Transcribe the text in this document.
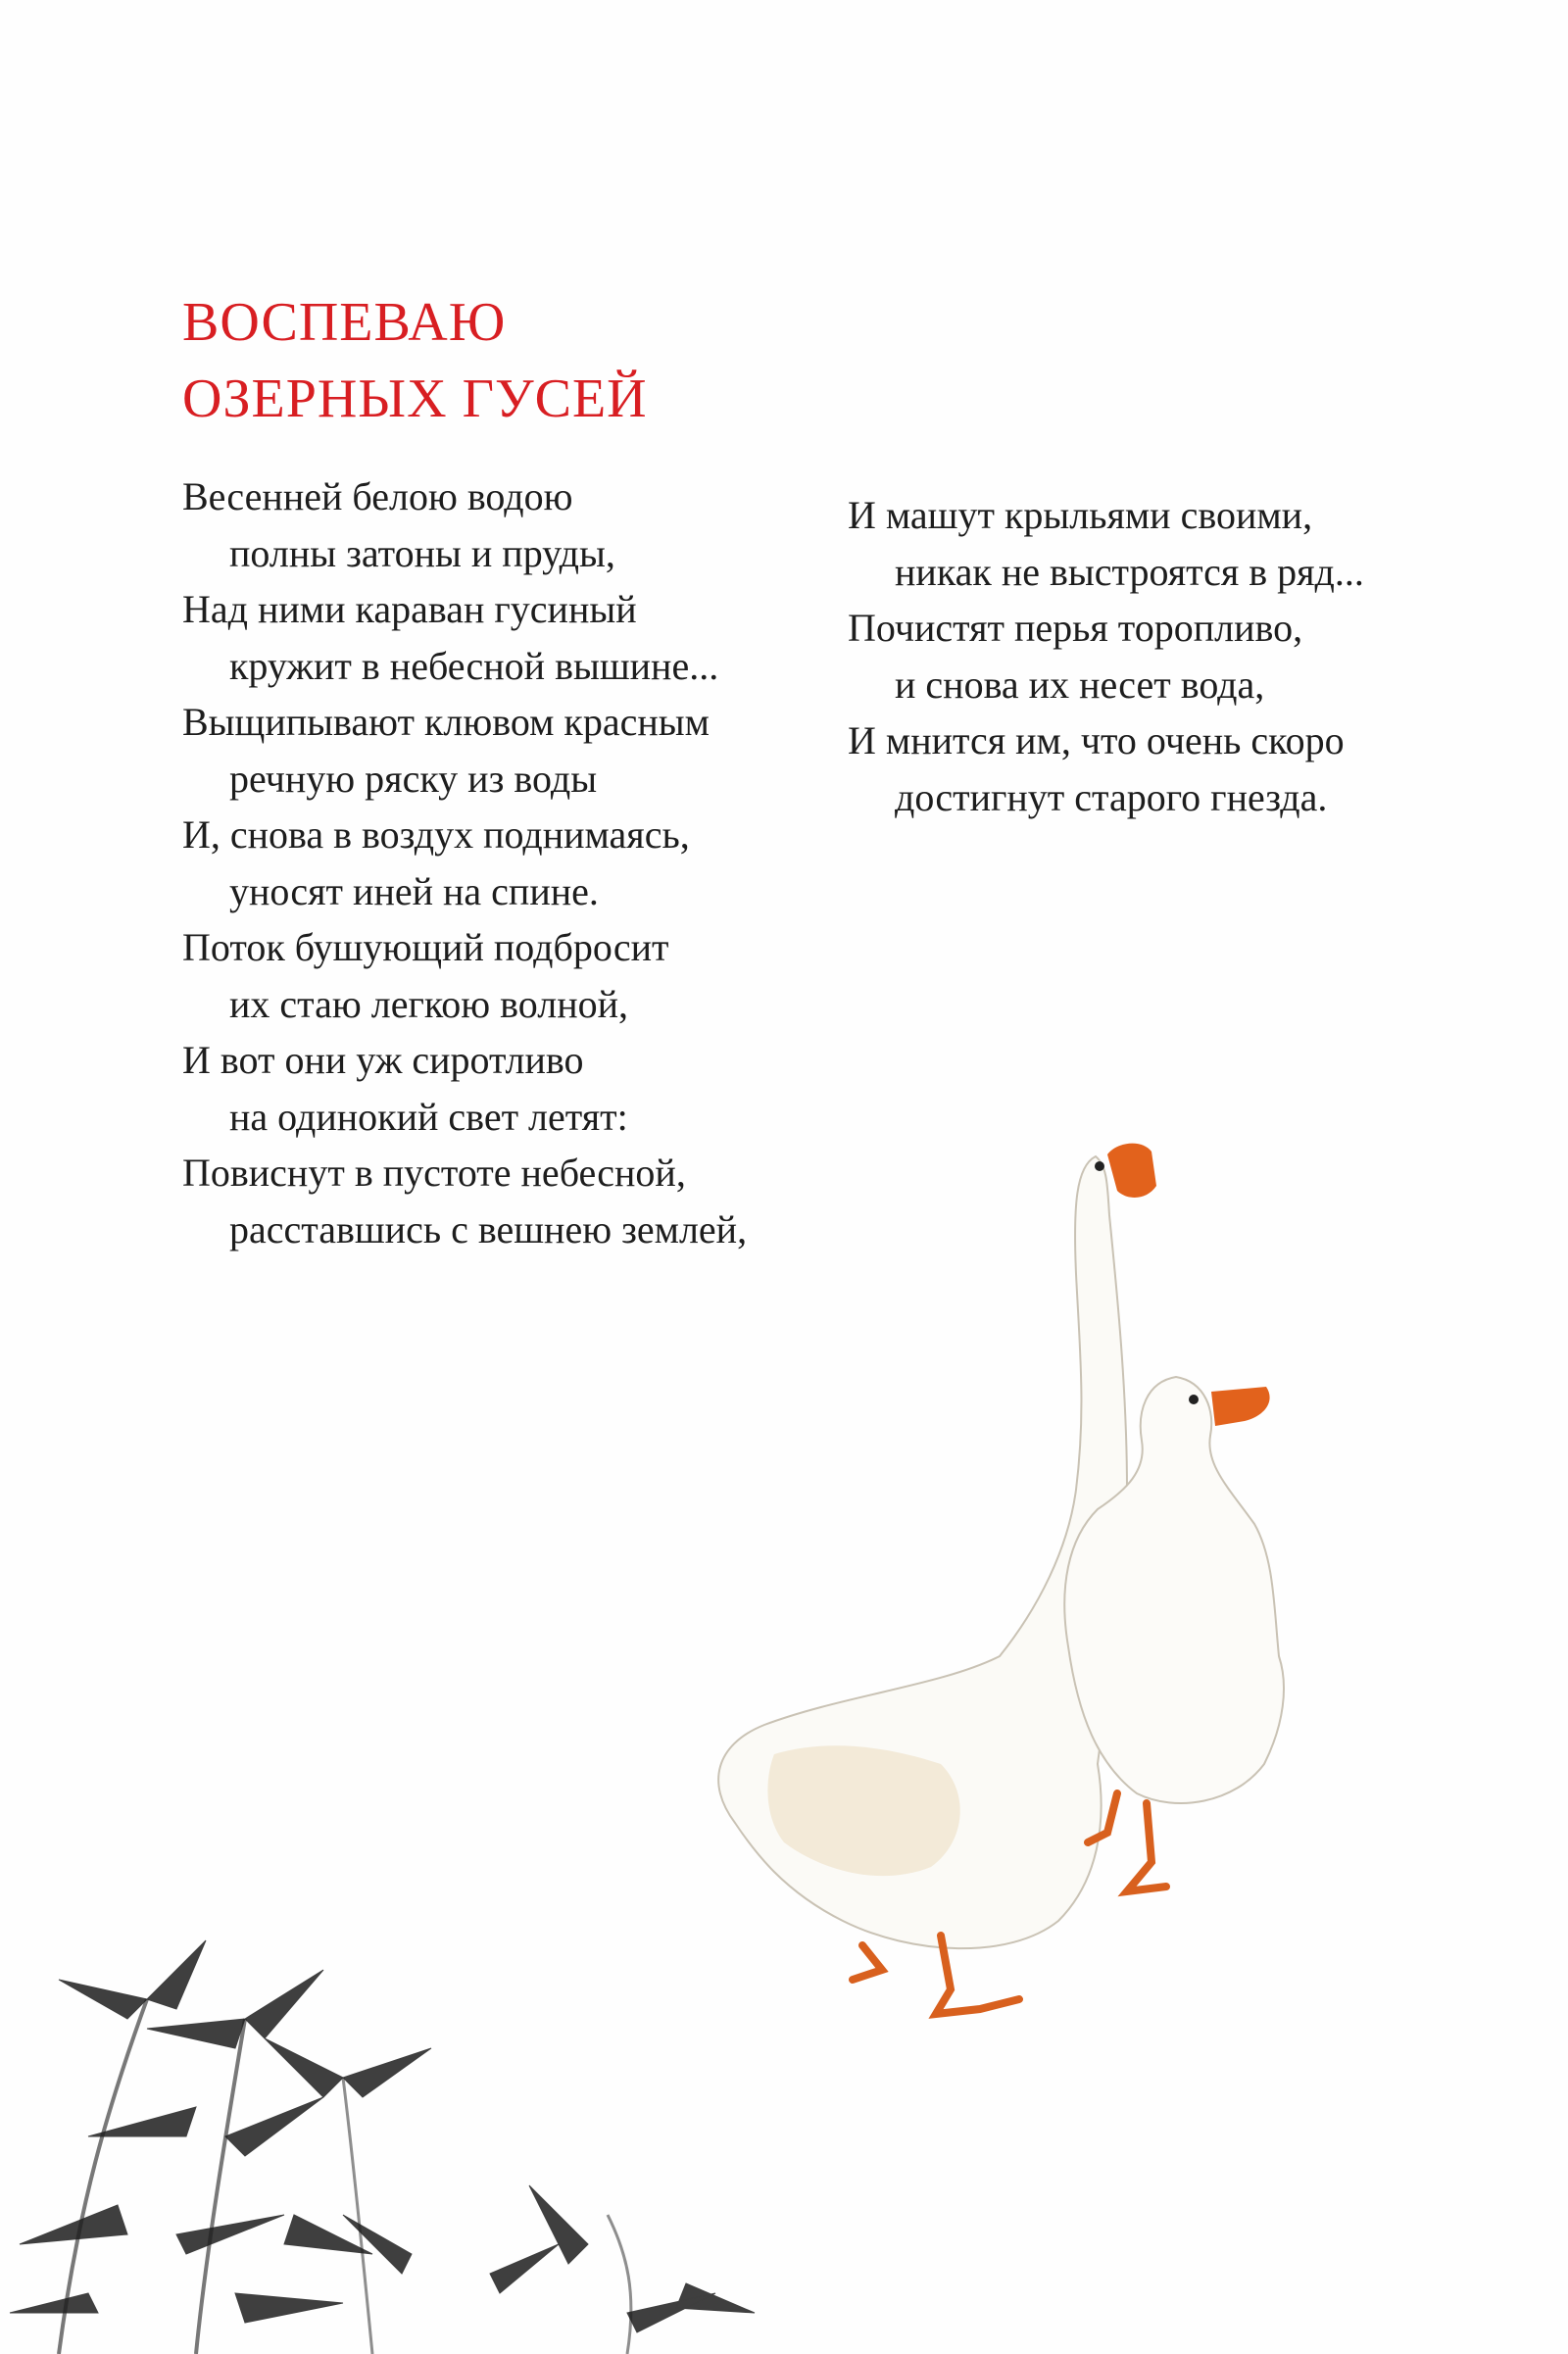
ВОСПЕВАЮ
ОЗЕРНЫХ ГУСЕЙ
Весенней белою водою
полны затоны и пруды,
Над ними караван гусиный
кружит в небесной вышине...
Выщипывают клювом красным
речную ряску из воды
И, снова в воздух поднимаясь,
уносят иней на спине.
Поток бушующий подбросит
их стаю легкою волной,
И вот они уж сиротливо
на одинокий свет летят:
Повиснут в пустоте небесной,
расставшись с вешнею землей,
И машут крыльями своими,
никак не выстроятся в ряд...
Почистят перья торопливо,
и снова их несет вода,
И мнится им, что очень скоро
достигнут старого гнезда.
